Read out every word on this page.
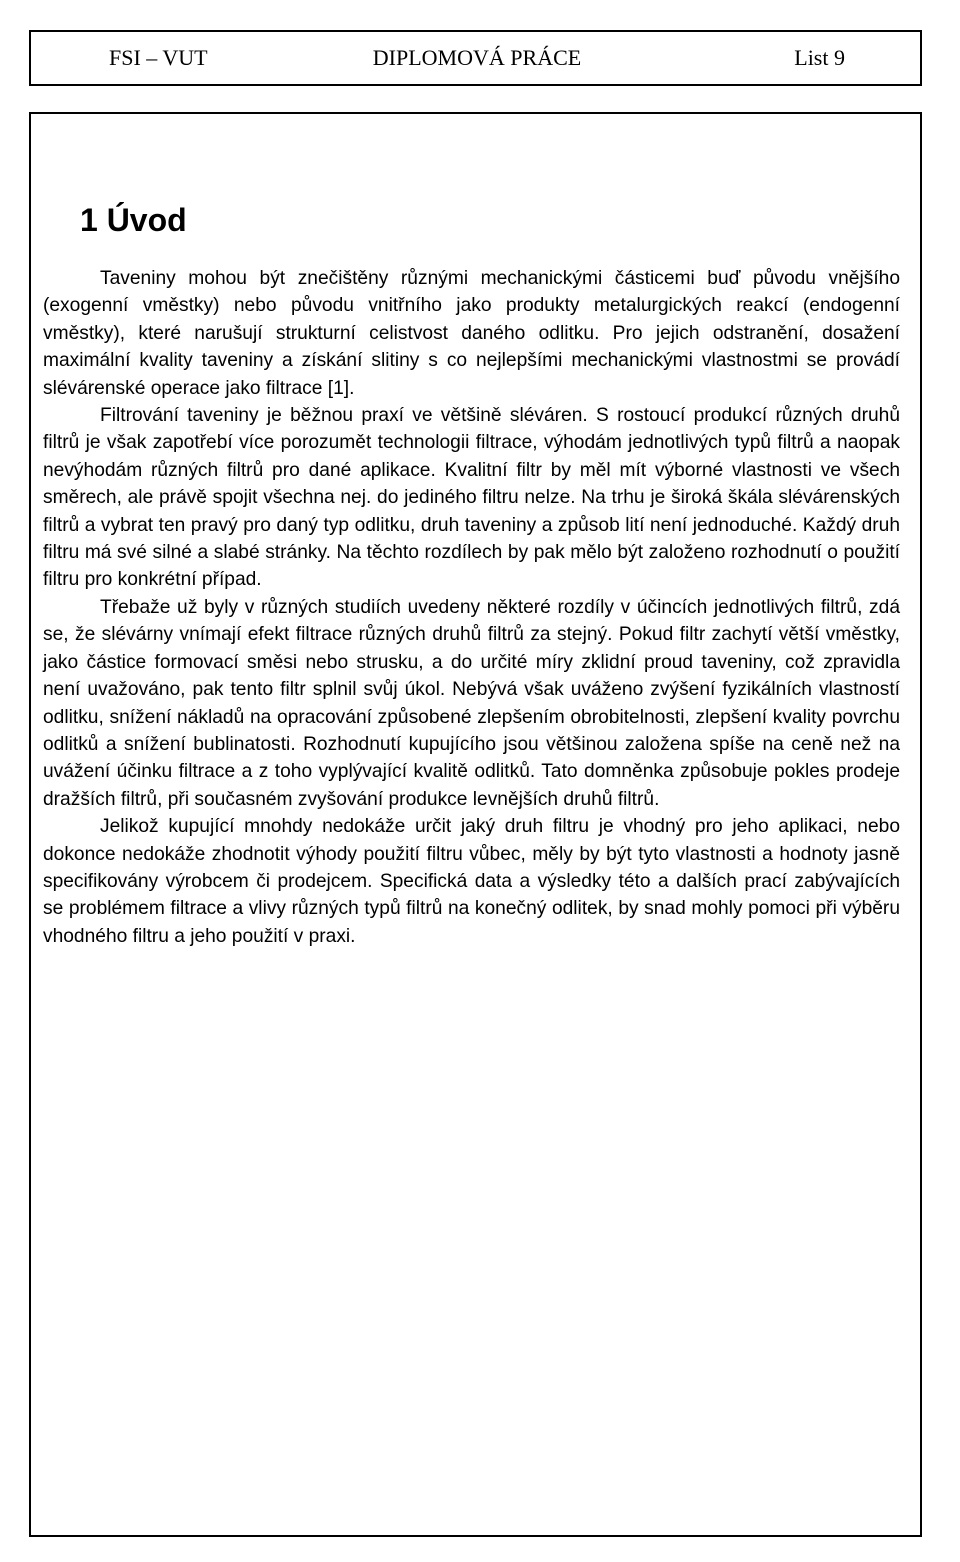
FSI – VUT	DIPLOMOVÁ PRÁCE	List 9
1 Úvod

Taveniny mohou být znečištěny různými mechanickými částicemi buď původu vnějšího (exogenní vměstky) nebo původu vnitřního jako produkty metalurgických reakcí (endogenní vměstky), které narušují strukturní celistvost daného odlitku. Pro jejich odstranění, dosažení maximální kvality taveniny a získání slitiny s co nejlepšími mechanickými vlastnostmi se provádí slévárenské operace jako filtrace [1].

Filtrování taveniny je běžnou praxí ve většině sléváren. S rostoucí produkcí různých druhů filtrů je však zapotřebí více porozumět technologii filtrace, výhodám jednotlivých typů filtrů a naopak nevýhodám různých filtrů pro dané aplikace. Kvalitní filtr by měl mít výborné vlastnosti ve všech směrech, ale právě spojit všechna nej. do jediného filtru nelze. Na trhu je široká škála slévárenských filtrů a vybrat ten pravý pro daný typ odlitku, druh taveniny a způsob lití není jednoduché. Každý druh filtru má své silné a slabé stránky. Na těchto rozdílech by pak mělo být založeno rozhodnutí o použití filtru pro konkrétní případ.

Třebaže už byly v různých studiích uvedeny některé rozdíly v účincích jednotlivých filtrů, zdá se, že slévárny vnímají efekt filtrace různých druhů filtrů za stejný. Pokud filtr zachytí větší vměstky, jako částice formovací směsi nebo strusku, a do určité míry zklidní proud taveniny, což zpravidla není uvažováno, pak tento filtr splnil svůj úkol. Nebývá však uváženo zvýšení fyzikálních vlastností odlitku, snížení nákladů na opracování způsobené zlepšením obrobitelnosti, zlepšení kvality povrchu odlitků a snížení bublinatosti. Rozhodnutí kupujícího jsou většinou založena spíše na ceně než na uvážení účinku filtrace a z toho vyplývající kvalitě odlitků. Tato domněnka způsobuje pokles prodeje dražších filtrů, při současném zvyšování produkce levnějších druhů filtrů.

Jelikož kupující mnohdy nedokáže určit jaký druh filtru je vhodný pro jeho aplikaci, nebo dokonce nedokáže zhodnotit výhody použití filtru vůbec, měly by být tyto vlastnosti a hodnoty jasně specifikovány výrobcem či prodejcem. Specifická data a výsledky této a dalších prací zabývajících se problémem filtrace a vlivy různých typů filtrů na konečný odlitek, by snad mohly pomoci při výběru vhodného filtru a jeho použití v praxi.
